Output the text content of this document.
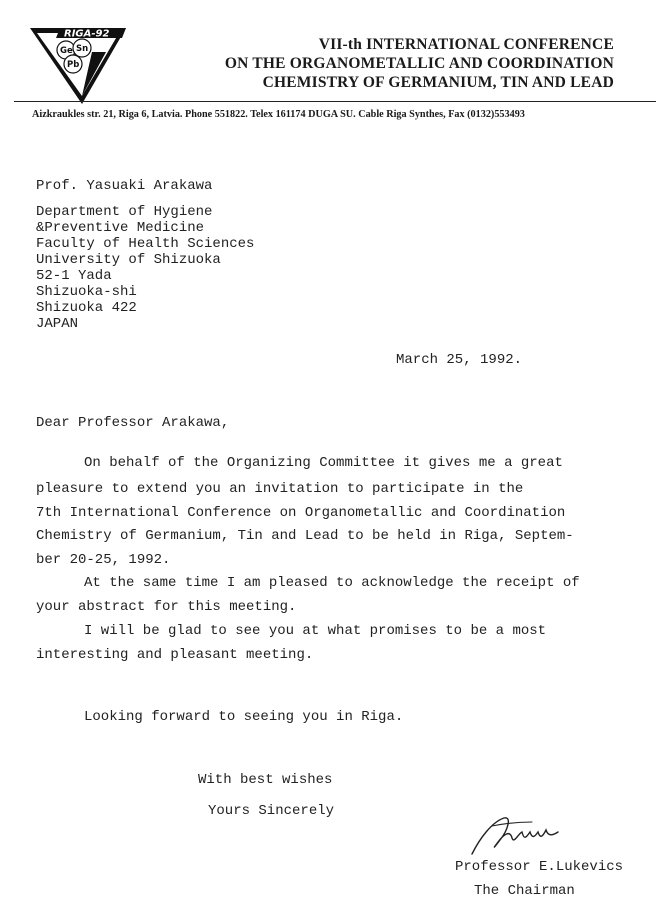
RIGA-92
Ge Sn
Pb
VII-th INTERNATIONAL CONFERENCE
ON THE ORGANOMETALLIC AND COORDINATION
CHEMISTRY OF GERMANIUM, TIN AND LEAD
Aizkraukles str. 21, Riga 6, Latvia. Phone 551822. Telex 161174 DUGA SU. Cable Riga Synthes, Fax (0132)553493
Prof. Yasuaki Arakawa
Department of Hygiene
&Preventive Medicine
Faculty of Health Sciences
University of Shizuoka
52-1 Yada
Shizuoka-shi
Shizuoka 422
JAPAN
March 25, 1992.
Dear Professor Arakawa,
On behalf of the Organizing Committee it gives me a great
pleasure to extend you an invitation to participate in the
7th International Conference on Organometallic and Coordination
Chemistry of Germanium, Tin and Lead to be held in Riga, Septem-
ber 20-25, 1992.
At the same time I am pleased to acknowledge the receipt of
your abstract for this meeting.
I will be glad to see you at what promises to be a most
interesting and pleasant meeting.
Looking forward to seeing you in Riga.
With best wishes
Yours Sincerely
Professor E.Lukevics
The Chairman
